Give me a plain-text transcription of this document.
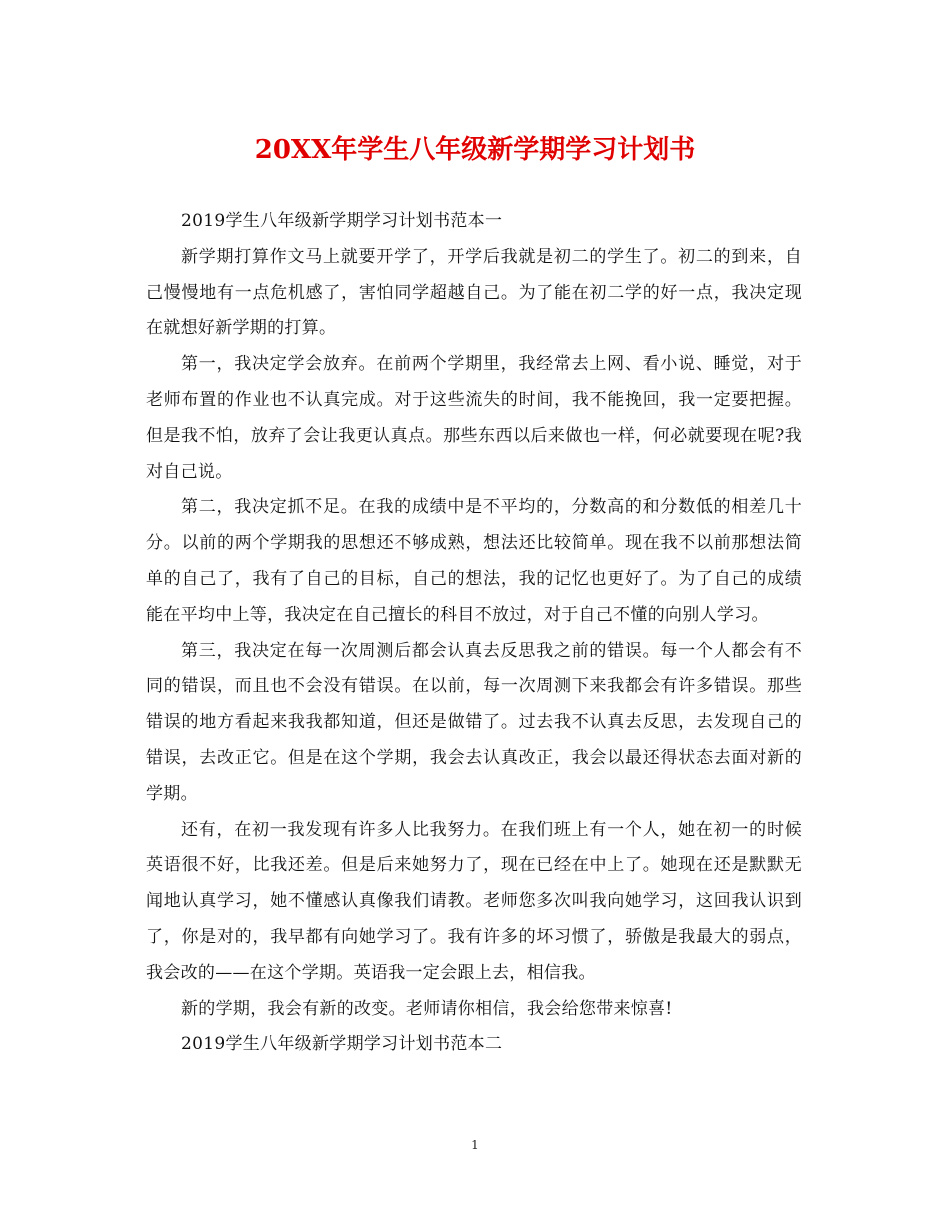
20XX年学生八年级新学期学习计划书

2019学生八年级新学期学习计划书范本一

新学期打算作文马上就要开学了，开学后我就是初二的学生了。初二的到来，自己慢慢地有一点危机感了，害怕同学超越自己。为了能在初二学的好一点，我决定现在就想好新学期的打算。

第一，我决定学会放弃。在前两个学期里，我经常去上网、看小说、睡觉，对于老师布置的作业也不认真完成。对于这些流失的时间，我不能挽回，我一定要把握。但是我不怕，放弃了会让我更认真点。那些东西以后来做也一样，何必就要现在呢?我对自己说。

第二，我决定抓不足。在我的成绩中是不平均的，分数高的和分数低的相差几十分。以前的两个学期我的思想还不够成熟，想法还比较简单。现在我不以前那想法简单的自己了，我有了自己的目标，自己的想法，我的记忆也更好了。为了自己的成绩能在平均中上等，我决定在自己擅长的科目不放过，对于自己不懂的向别人学习。

第三，我决定在每一次周测后都会认真去反思我之前的错误。每一个人都会有不同的错误，而且也不会没有错误。在以前，每一次周测下来我都会有许多错误。那些错误的地方看起来我我都知道，但还是做错了。过去我不认真去反思，去发现自己的错误，去改正它。但是在这个学期，我会去认真改正，我会以最还得状态去面对新的学期。

还有，在初一我发现有许多人比我努力。在我们班上有一个人，她在初一的时候英语很不好，比我还差。但是后来她努力了，现在已经在中上了。她现在还是默默无闻地认真学习，她不懂感认真像我们请教。老师您多次叫我向她学习，这回我认识到了，你是对的，我早都有向她学习了。我有许多的坏习惯了，骄傲是我最大的弱点，我会改的——在这个学期。英语我一定会跟上去，相信我。

新的学期，我会有新的改变。老师请你相信，我会给您带来惊喜!

2019学生八年级新学期学习计划书范本二

1
